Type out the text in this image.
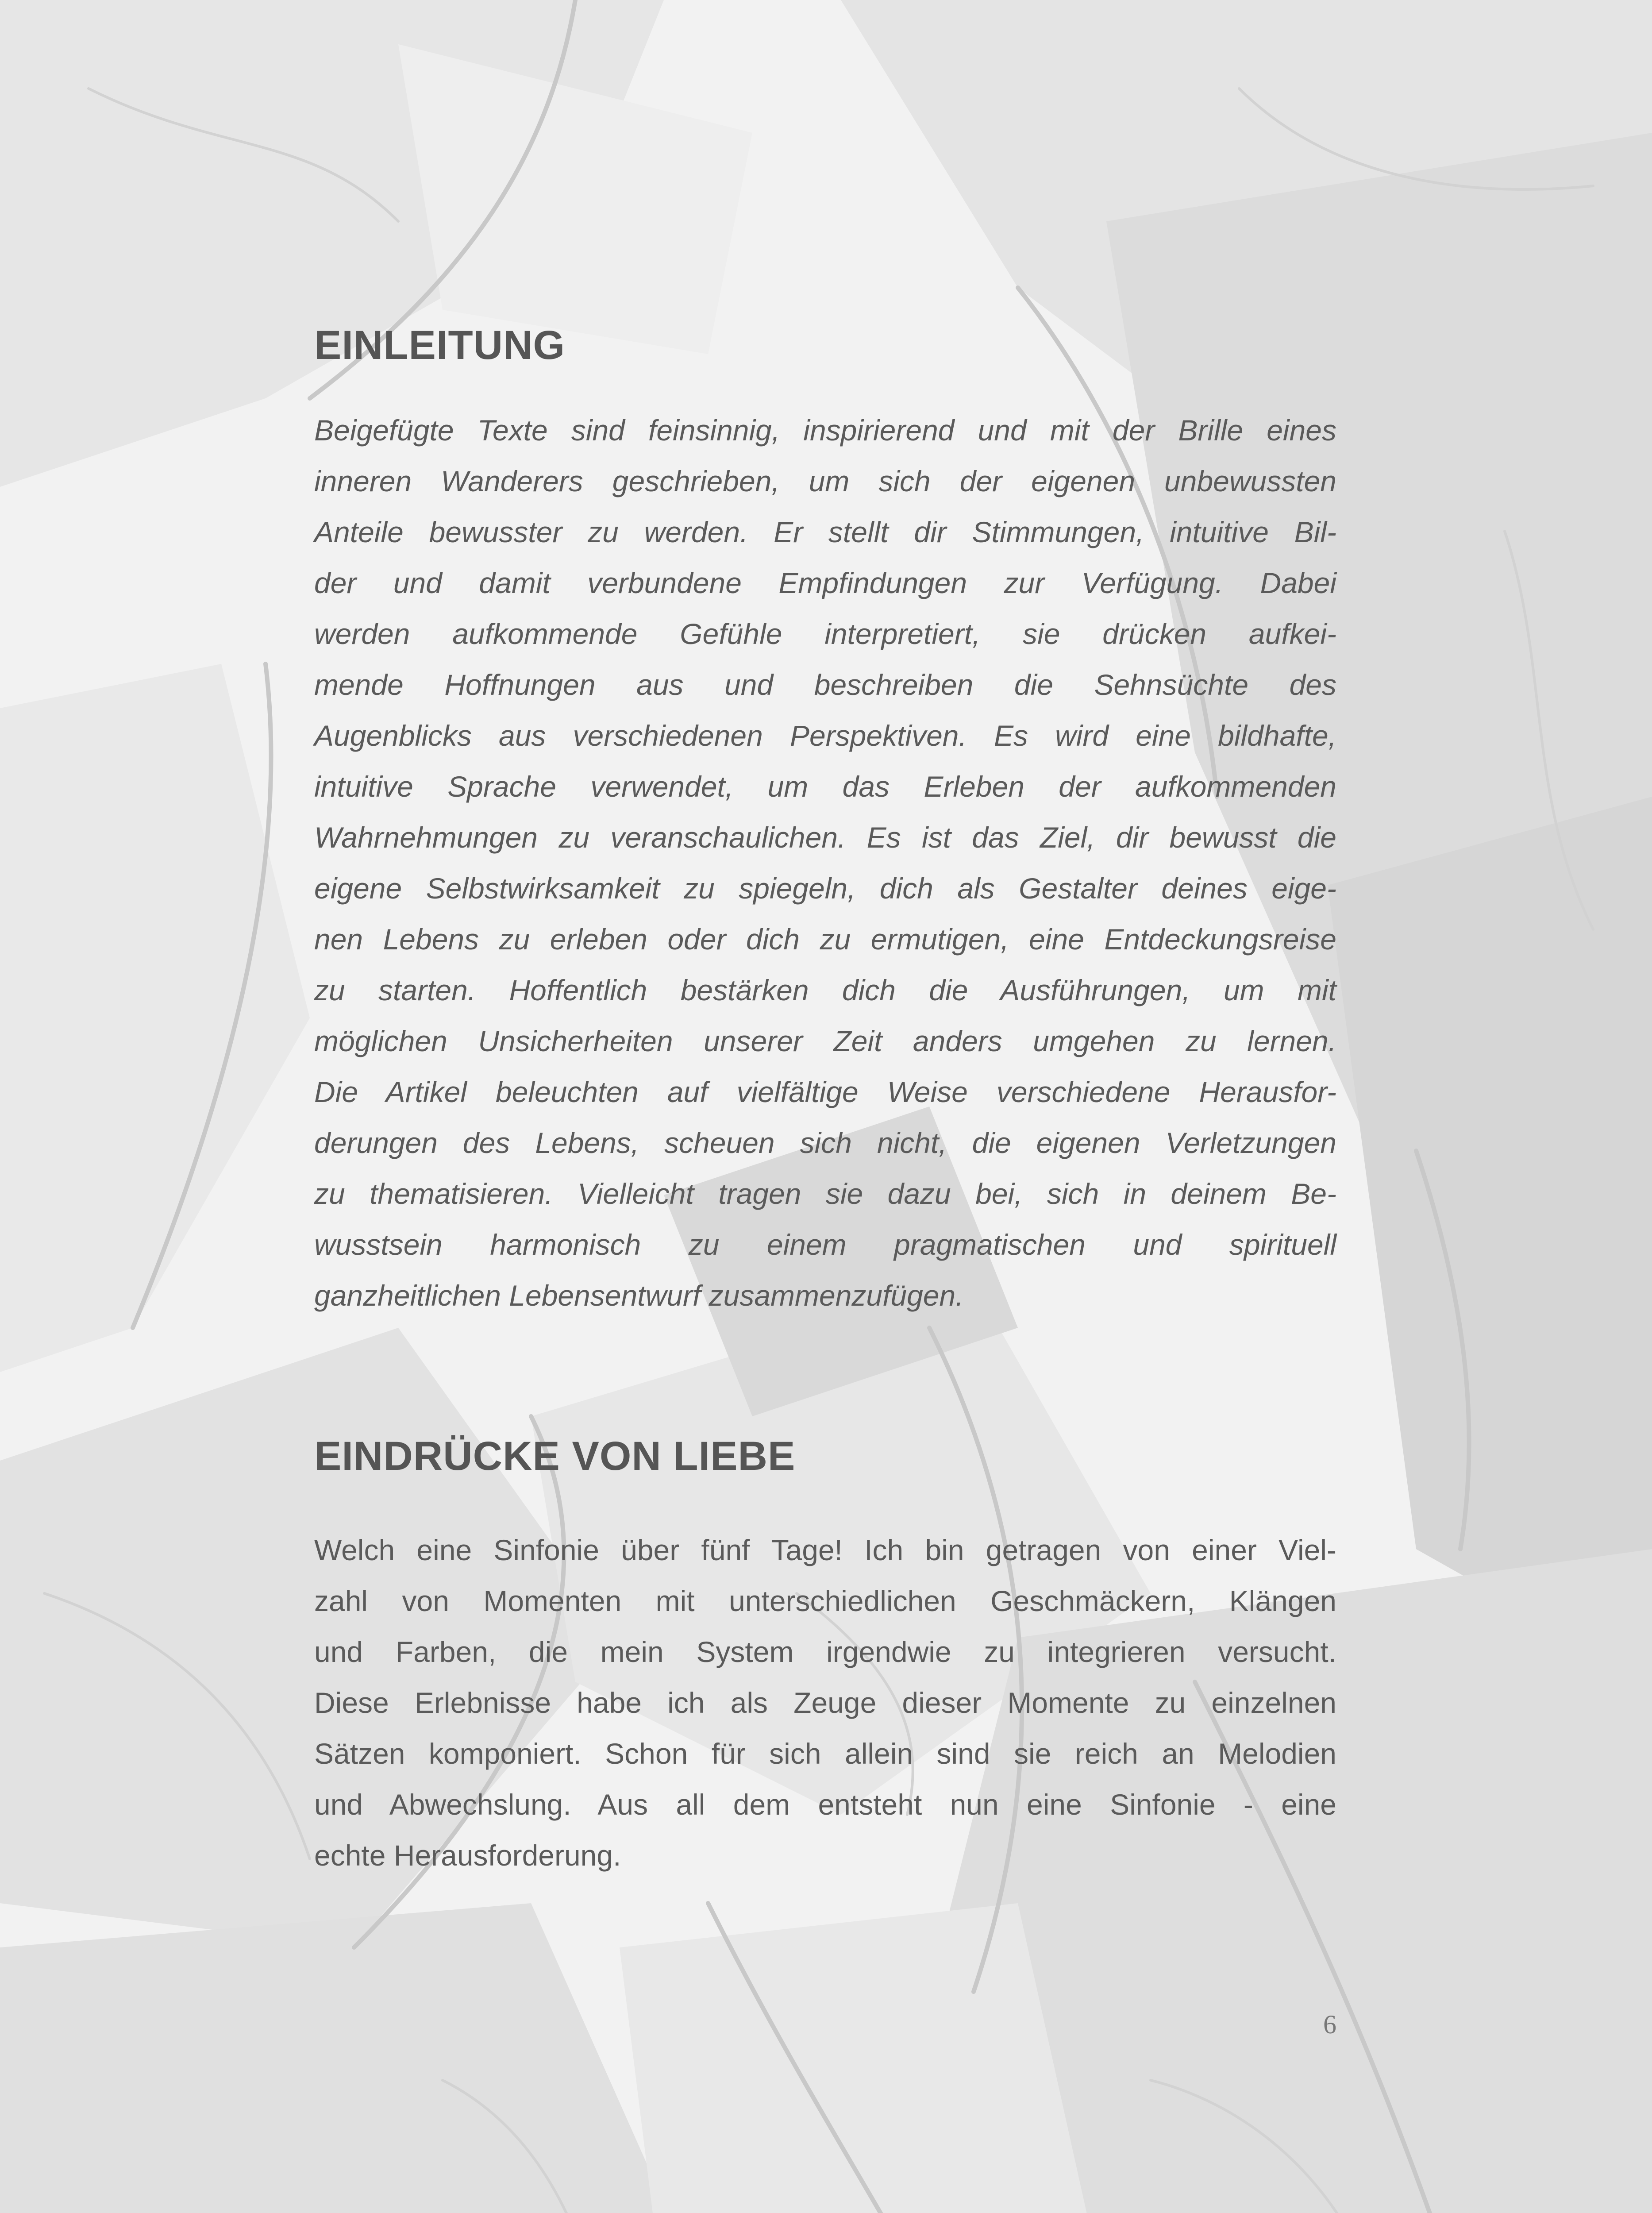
EINLEITUNG
Beigefügte Texte sind feinsinnig, inspirierend und mit der Brille eines
inneren Wanderers geschrieben, um sich der eigenen unbewussten
Anteile bewusster zu werden. Er stellt dir Stimmungen, intuitive Bil-
der und damit verbundene Empfindungen zur Verfügung. Dabei
werden aufkommende Gefühle interpretiert, sie drücken aufkei-
mende Hoffnungen aus und beschreiben die Sehnsüchte des
Augenblicks aus verschiedenen Perspektiven. Es wird eine bildhafte,
intuitive Sprache verwendet, um das Erleben der aufkommenden
Wahrnehmungen zu veranschaulichen. Es ist das Ziel, dir bewusst die
eigene Selbstwirksamkeit zu spiegeln, dich als Gestalter deines eige-
nen Lebens zu erleben oder dich zu ermutigen, eine Entdeckungsreise
zu starten. Hoffentlich bestärken dich die Ausführungen, um mit
möglichen Unsicherheiten unserer Zeit anders umgehen zu lernen.
Die Artikel beleuchten auf vielfältige Weise verschiedene Herausfor-
derungen des Lebens, scheuen sich nicht, die eigenen Verletzungen
zu thematisieren. Vielleicht tragen sie dazu bei, sich in deinem Be-
wusstsein harmonisch zu einem pragmatischen und spirituell
ganzheitlichen Lebensentwurf zusammenzufügen.
EINDRÜCKE VON LIEBE
Welch eine Sinfonie über fünf Tage! Ich bin getragen von einer Viel-
zahl von Momenten mit unterschiedlichen Geschmäckern, Klängen
und Farben, die mein System irgendwie zu integrieren versucht.
Diese Erlebnisse habe ich als Zeuge dieser Momente zu einzelnen
Sätzen komponiert. Schon für sich allein sind sie reich an Melodien
und Abwechslung. Aus all dem entsteht nun eine Sinfonie - eine
echte Herausforderung.
6
